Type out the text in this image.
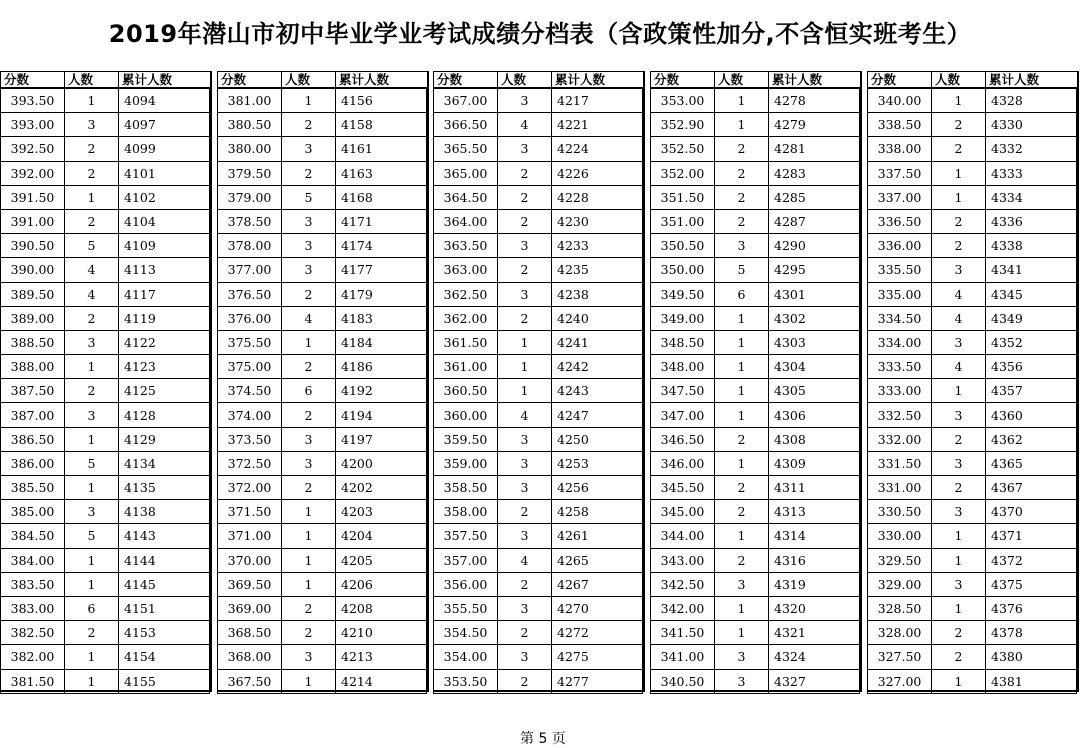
2019年潜山市初中毕业学业考试成绩分档表（含政策性加分,不含恒实班考生）
分数	人数	累计人数
393.50	1	4094
393.00	3	4097
392.50	2	4099
392.00	2	4101
391.50	1	4102
391.00	2	4104
390.50	5	4109
390.00	4	4113
389.50	4	4117
389.00	2	4119
388.50	3	4122
388.00	1	4123
387.50	2	4125
387.00	3	4128
386.50	1	4129
386.00	5	4134
385.50	1	4135
385.00	3	4138
384.50	5	4143
384.00	1	4144
383.50	1	4145
383.00	6	4151
382.50	2	4153
382.00	1	4154
381.50	1	4155
分数	人数	累计人数
381.00	1	4156
380.50	2	4158
380.00	3	4161
379.50	2	4163
379.00	5	4168
378.50	3	4171
378.00	3	4174
377.00	3	4177
376.50	2	4179
376.00	4	4183
375.50	1	4184
375.00	2	4186
374.50	6	4192
374.00	2	4194
373.50	3	4197
372.50	3	4200
372.00	2	4202
371.50	1	4203
371.00	1	4204
370.00	1	4205
369.50	1	4206
369.00	2	4208
368.50	2	4210
368.00	3	4213
367.50	1	4214
分数	人数	累计人数
367.00	3	4217
366.50	4	4221
365.50	3	4224
365.00	2	4226
364.50	2	4228
364.00	2	4230
363.50	3	4233
363.00	2	4235
362.50	3	4238
362.00	2	4240
361.50	1	4241
361.00	1	4242
360.50	1	4243
360.00	4	4247
359.50	3	4250
359.00	3	4253
358.50	3	4256
358.00	2	4258
357.50	3	4261
357.00	4	4265
356.00	2	4267
355.50	3	4270
354.50	2	4272
354.00	3	4275
353.50	2	4277
分数	人数	累计人数
353.00	1	4278
352.90	1	4279
352.50	2	4281
352.00	2	4283
351.50	2	4285
351.00	2	4287
350.50	3	4290
350.00	5	4295
349.50	6	4301
349.00	1	4302
348.50	1	4303
348.00	1	4304
347.50	1	4305
347.00	1	4306
346.50	2	4308
346.00	1	4309
345.50	2	4311
345.00	2	4313
344.00	1	4314
343.00	2	4316
342.50	3	4319
342.00	1	4320
341.50	1	4321
341.00	3	4324
340.50	3	4327
分数	人数	累计人数
340.00	1	4328
338.50	2	4330
338.00	2	4332
337.50	1	4333
337.00	1	4334
336.50	2	4336
336.00	2	4338
335.50	3	4341
335.00	4	4345
334.50	4	4349
334.00	3	4352
333.50	4	4356
333.00	1	4357
332.50	3	4360
332.00	2	4362
331.50	3	4365
331.00	2	4367
330.50	3	4370
330.00	1	4371
329.50	1	4372
329.00	3	4375
328.50	1	4376
328.00	2	4378
327.50	2	4380
327.00	1	4381
第 5 页
